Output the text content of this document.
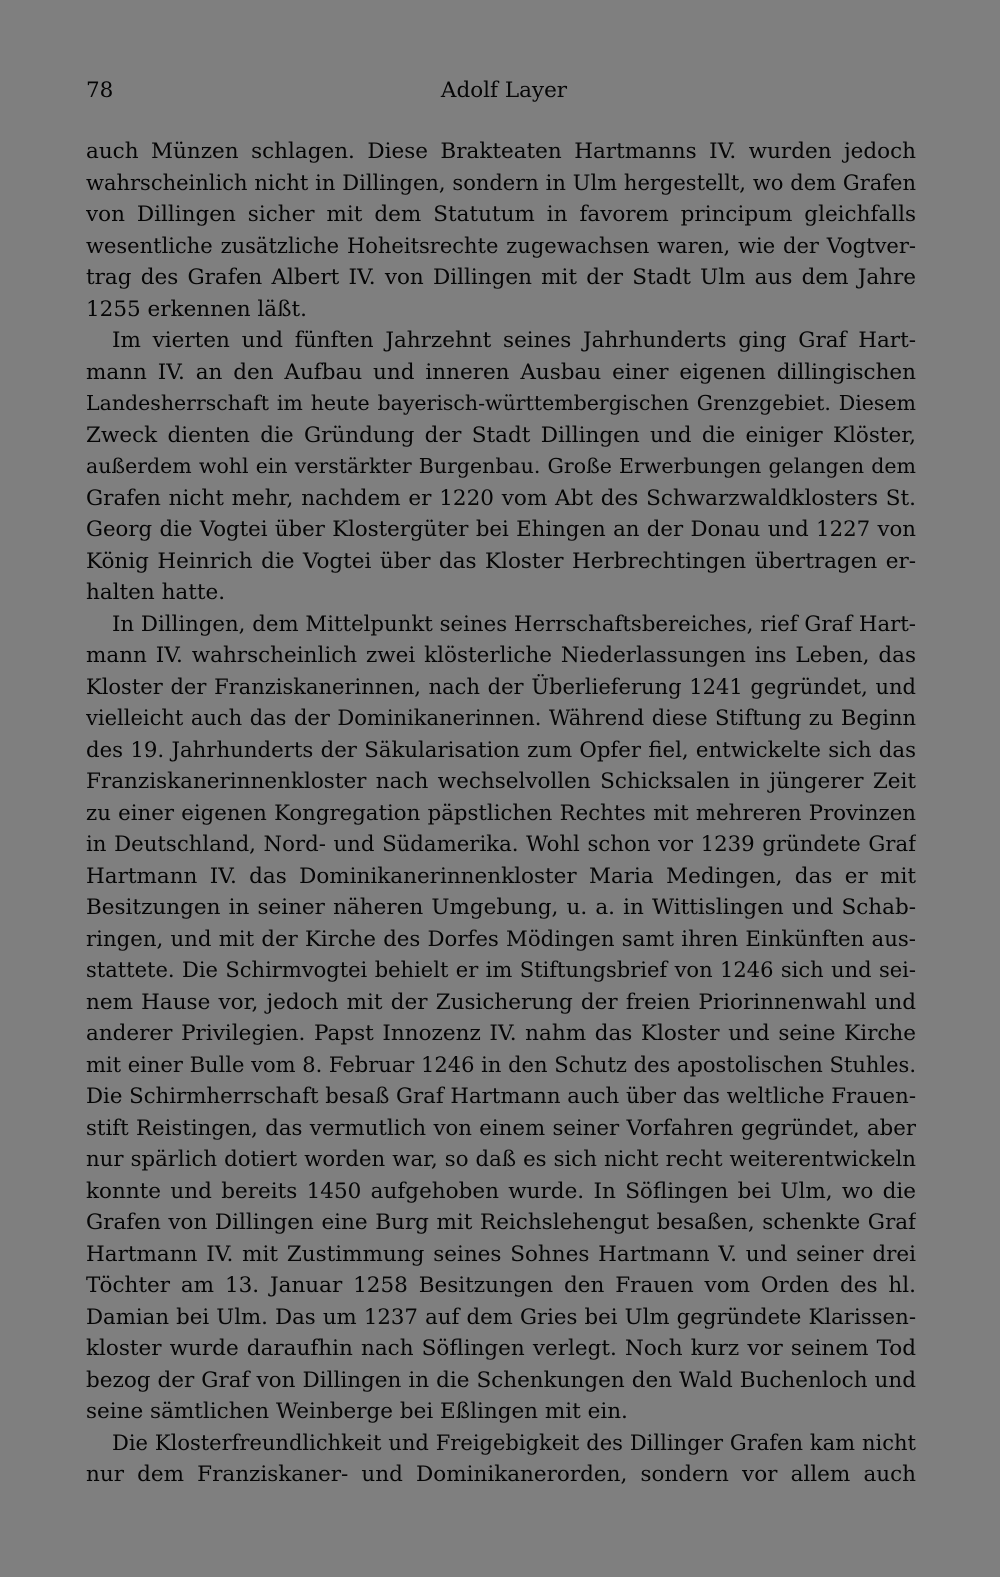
78	Adolf Layer
auch Münzen schlagen. Diese Brakteaten Hartmanns IV. wurden jedoch
wahrscheinlich nicht in Dillingen, sondern in Ulm hergestellt, wo dem Grafen
von Dillingen sicher mit dem Statutum in favorem principum gleichfalls
wesentliche zusätzliche Hoheitsrechte zugewachsen waren, wie der Vogtver-
trag des Grafen Albert IV. von Dillingen mit der Stadt Ulm aus dem Jahre
1255 erkennen läßt.
Im vierten und fünften Jahrzehnt seines Jahrhunderts ging Graf Hart-
mann IV. an den Aufbau und inneren Ausbau einer eigenen dillingischen
Landesherrschaft im heute bayerisch-württembergischen Grenzgebiet. Diesem
Zweck dienten die Gründung der Stadt Dillingen und die einiger Klöster,
außerdem wohl ein verstärkter Burgenbau. Große Erwerbungen gelangen dem
Grafen nicht mehr, nachdem er 1220 vom Abt des Schwarzwaldklosters St.
Georg die Vogtei über Klostergüter bei Ehingen an der Donau und 1227 von
König Heinrich die Vogtei über das Kloster Herbrechtingen übertragen er-
halten hatte.
In Dillingen, dem Mittelpunkt seines Herrschaftsbereiches, rief Graf Hart-
mann IV. wahrscheinlich zwei klösterliche Niederlassungen ins Leben, das
Kloster der Franziskanerinnen, nach der Überlieferung 1241 gegründet, und
vielleicht auch das der Dominikanerinnen. Während diese Stiftung zu Beginn
des 19. Jahrhunderts der Säkularisation zum Opfer fiel, entwickelte sich das
Franziskanerinnenkloster nach wechselvollen Schicksalen in jüngerer Zeit
zu einer eigenen Kongregation päpstlichen Rechtes mit mehreren Provinzen
in Deutschland, Nord- und Südamerika. Wohl schon vor 1239 gründete Graf
Hartmann IV. das Dominikanerinnenkloster Maria Medingen, das er mit
Besitzungen in seiner näheren Umgebung, u. a. in Wittislingen und Schab-
ringen, und mit der Kirche des Dorfes Mödingen samt ihren Einkünften aus-
stattete. Die Schirmvogtei behielt er im Stiftungsbrief von 1246 sich und sei-
nem Hause vor, jedoch mit der Zusicherung der freien Priorinnenwahl und
anderer Privilegien. Papst Innozenz IV. nahm das Kloster und seine Kirche
mit einer Bulle vom 8. Februar 1246 in den Schutz des apostolischen Stuhles.
Die Schirmherrschaft besaß Graf Hartmann auch über das weltliche Frauen-
stift Reistingen, das vermutlich von einem seiner Vorfahren gegründet, aber
nur spärlich dotiert worden war, so daß es sich nicht recht weiterentwickeln
konnte und bereits 1450 aufgehoben wurde. In Söflingen bei Ulm, wo die
Grafen von Dillingen eine Burg mit Reichslehengut besaßen, schenkte Graf
Hartmann IV. mit Zustimmung seines Sohnes Hartmann V. und seiner drei
Töchter am 13. Januar 1258 Besitzungen den Frauen vom Orden des hl.
Damian bei Ulm. Das um 1237 auf dem Gries bei Ulm gegründete Klarissen-
kloster wurde daraufhin nach Söflingen verlegt. Noch kurz vor seinem Tod
bezog der Graf von Dillingen in die Schenkungen den Wald Buchenloch und
seine sämtlichen Weinberge bei Eßlingen mit ein.
Die Klosterfreundlichkeit und Freigebigkeit des Dillinger Grafen kam nicht
nur dem Franziskaner- und Dominikanerorden, sondern vor allem auch
